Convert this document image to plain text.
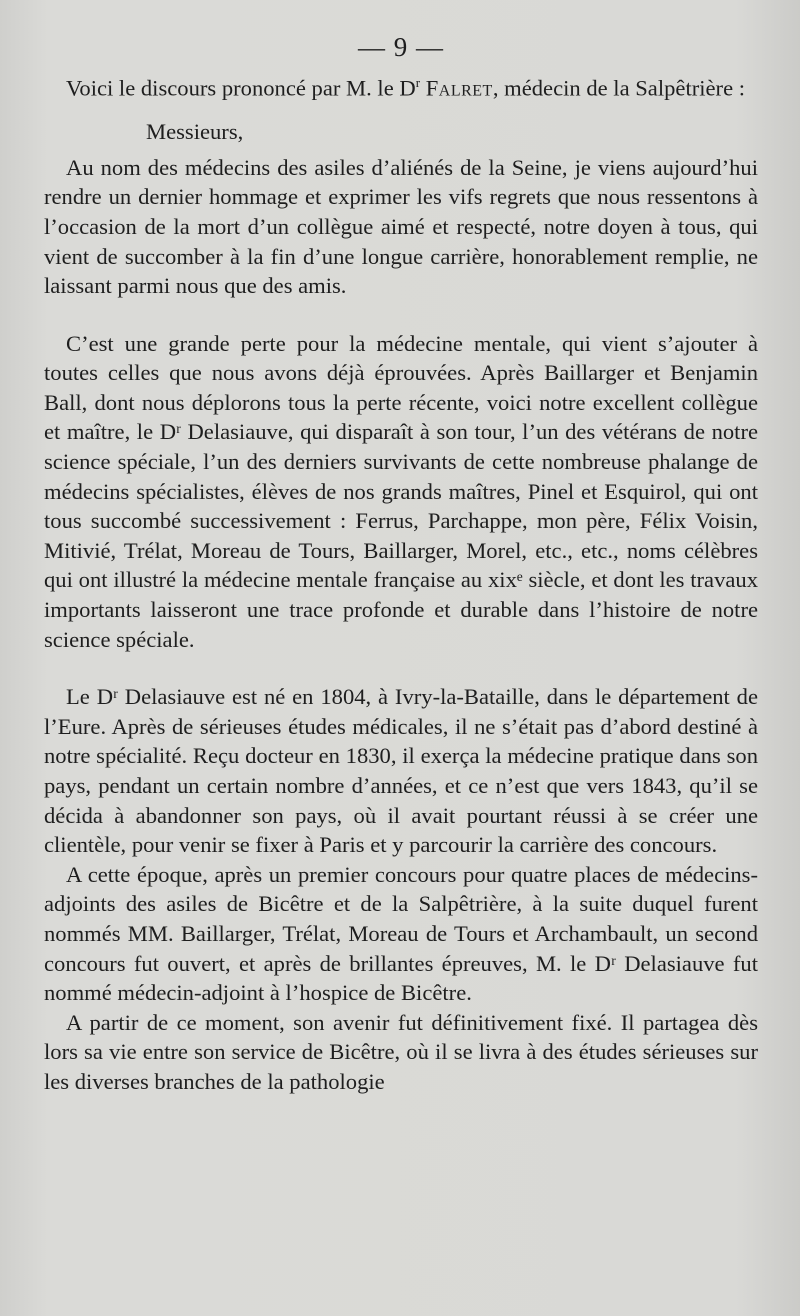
— 9 —

Voici le discours prononcé par M. le $D^r$ Falret, médecin de la Salpêtrière :

Messieurs,

Au nom des médecins des asiles d’aliénés de la Seine, je viens aujourd’hui rendre un dernier hommage et exprimer les vifs regrets que nous ressentons à l’occasion de la mort d’un collègue aimé et respecté, notre doyen à tous, qui vient de succomber à la fin d’une longue carrière, honorablement remplie, ne laissant parmi nous que des amis.

C’est une grande perte pour la médecine mentale, qui vient s’ajouter à toutes celles que nous avons déjà éprouvées. Après Baillarger et Benjamin Ball, dont nous déplorons tous la perte récente, voici notre excellent collègue et maître, le Dʳ Delasiauve, qui disparaît à son tour, l’un des vétérans de notre science spéciale, l’un des derniers survivants de cette nombreuse phalange de médecins spécialistes, élèves de nos grands maîtres, Pinel et Esquirol, qui ont tous succombé successivement : Ferrus, Parchappe, mon père, Félix Voisin, Mitivié, Trélat, Moreau de Tours, Baillarger, Morel, etc., etc., noms célèbres qui ont illustré la médecine mentale française au xixᵉ siècle, et dont les travaux importants laisseront une trace profonde et durable dans l’histoire de notre science spéciale.

Le Dʳ Delasiauve est né en 1804, à Ivry-la-Bataille, dans le département de l’Eure. Après de sérieuses études médicales, il ne s’était pas d’abord destiné à notre spécialité. Reçu docteur en 1830, il exerça la médecine pratique dans son pays, pendant un certain nombre d’années, et ce n’est que vers 1843, qu’il se décida à abandonner son pays, où il avait pourtant réussi à se créer une clientèle, pour venir se fixer à Paris et y parcourir la carrière des concours.

A cette époque, après un premier concours pour quatre places de médecins-adjoints des asiles de Bicêtre et de la Salpêtrière, à la suite duquel furent nommés MM. Baillarger, Trélat, Moreau de Tours et Archambault, un second concours fut ouvert, et après de brillantes épreuves, M. le Dʳ Delasiauve fut nommé médecin-adjoint à l’hospice de Bicêtre.

A partir de ce moment, son avenir fut définitivement fixé. Il partagea dès lors sa vie entre son service de Bicêtre, où il se livra à des études sérieuses sur les diverses branches de la pathologie
